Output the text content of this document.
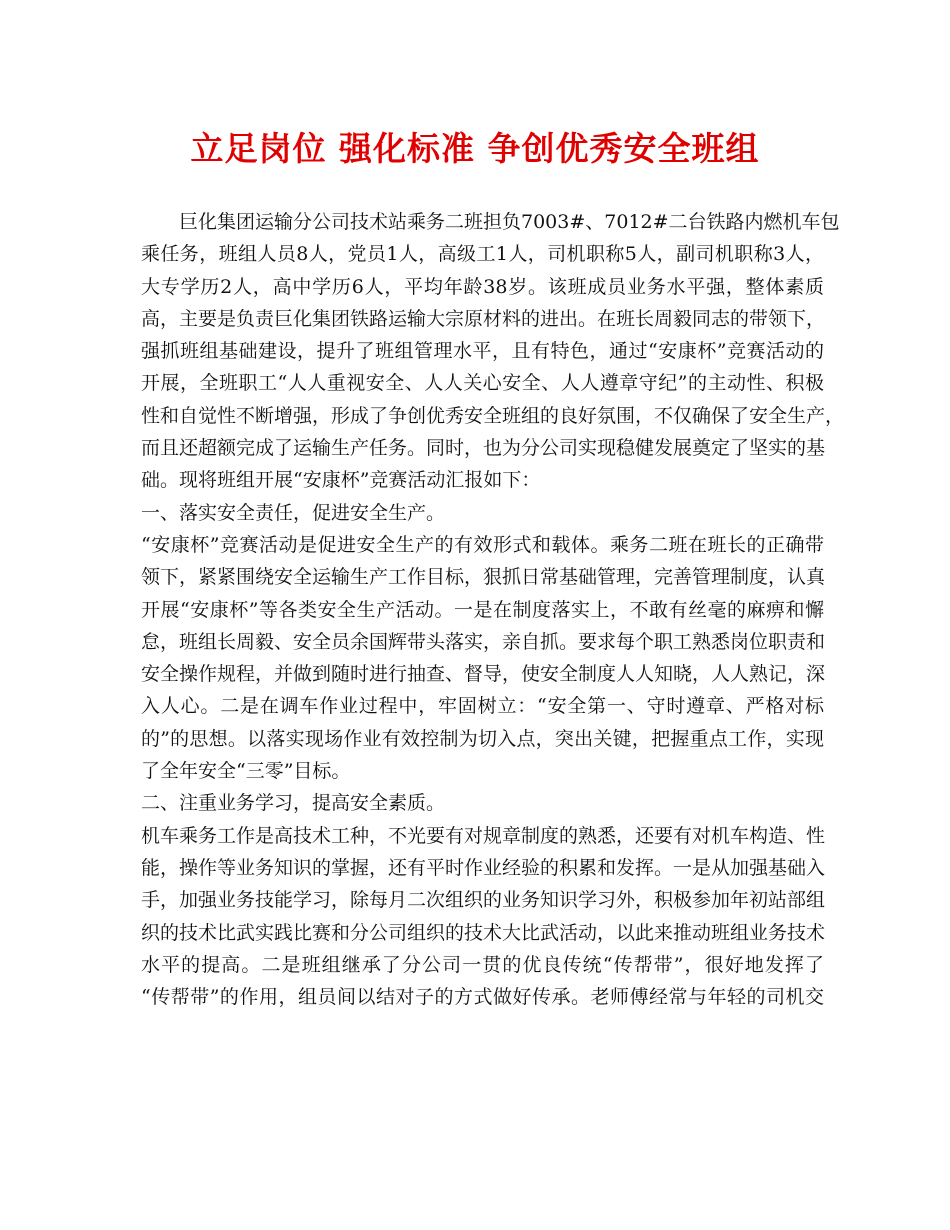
立足岗位 强化标准 争创优秀安全班组
巨化集团运输分公司技术站乘务二班担负7003#、7012#二台铁路内燃机车包
乘任务，班组人员8人，党员1人，高级工1人，司机职称5人，副司机职称3人，
大专学历2人，高中学历6人，平均年龄38岁。该班成员业务水平强，整体素质
高，主要是负责巨化集团铁路运输大宗原材料的进出。在班长周毅同志的带领下，
强抓班组基础建设，提升了班组管理水平，且有特色，通过“安康杯”竞赛活动的
开展，全班职工“人人重视安全、人人关心安全、人人遵章守纪”的主动性、积极
性和自觉性不断增强，形成了争创优秀安全班组的良好氛围，不仅确保了安全生产，
而且还超额完成了运输生产任务。同时，也为分公司实现稳健发展奠定了坚实的基
础。现将班组开展“安康杯”竞赛活动汇报如下：
一、落实安全责任，促进安全生产。
“安康杯”竞赛活动是促进安全生产的有效形式和载体。乘务二班在班长的正确带
领下，紧紧围绕安全运输生产工作目标，狠抓日常基础管理，完善管理制度，认真
开展“安康杯”等各类安全生产活动。一是在制度落实上，不敢有丝毫的麻痹和懈
怠，班组长周毅、安全员余国辉带头落实，亲自抓。要求每个职工熟悉岗位职责和
安全操作规程，并做到随时进行抽查、督导，使安全制度人人知晓，人人熟记，深
入人心。二是在调车作业过程中，牢固树立：“安全第一、守时遵章、严格对标
的”的思想。以落实现场作业有效控制为切入点，突出关键，把握重点工作，实现
了全年安全“三零”目标。
二、注重业务学习，提高安全素质。
机车乘务工作是高技术工种，不光要有对规章制度的熟悉，还要有对机车构造、性
能，操作等业务知识的掌握，还有平时作业经验的积累和发挥。一是从加强基础入
手，加强业务技能学习，除每月二次组织的业务知识学习外，积极参加年初站部组
织的技术比武实践比赛和分公司组织的技术大比武活动，以此来推动班组业务技术
水平的提高。二是班组继承了分公司一贯的优良传统“传帮带”，很好地发挥了
“传帮带”的作用，组员间以结对子的方式做好传承。老师傅经常与年轻的司机交
